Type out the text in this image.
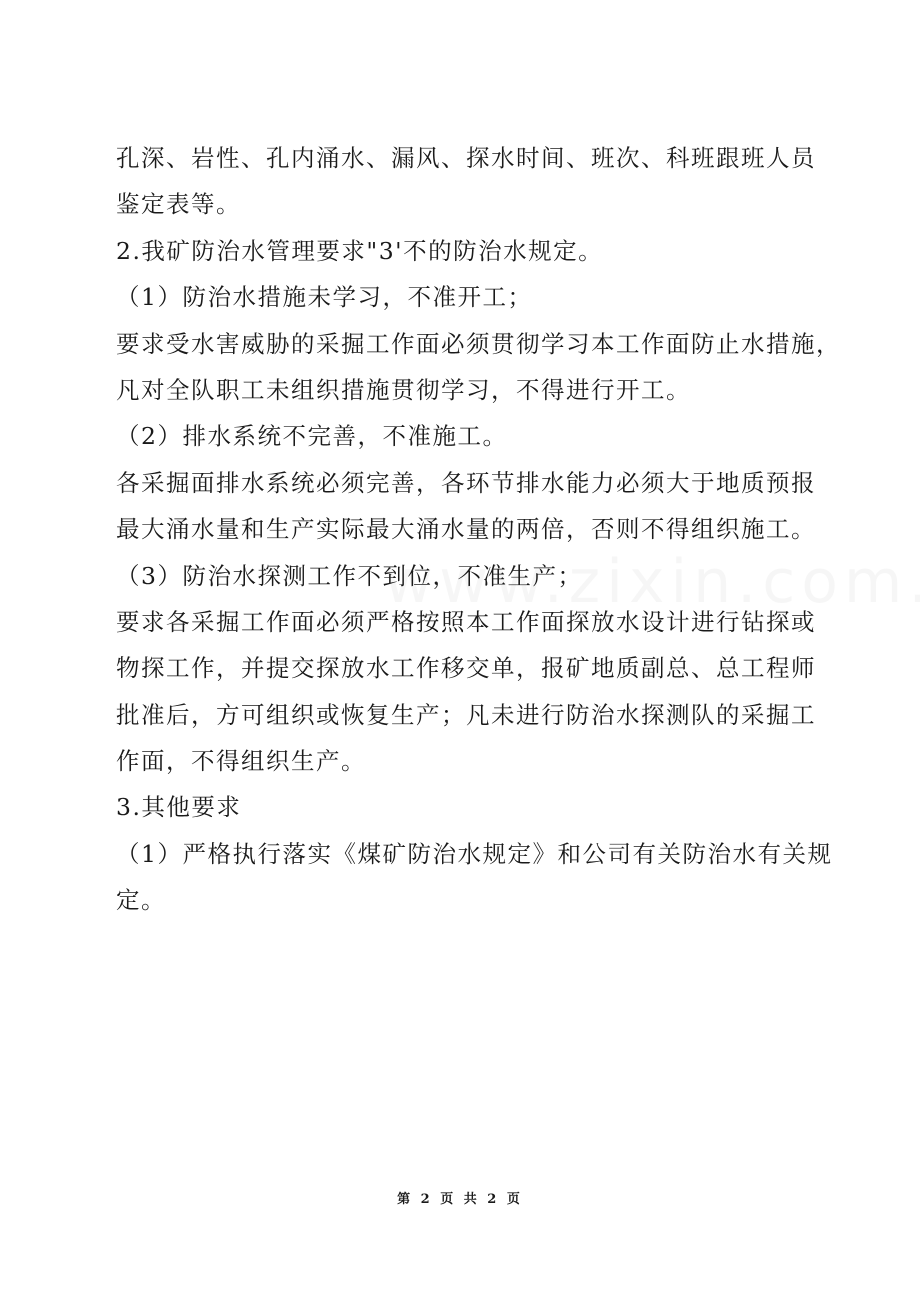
孔深、岩性、孔内涌水、漏风、探水时间、班次、科班跟班人员
鉴定表等。
2.我矿防治水管理要求"3'不的防治水规定。
（1）防治水措施未学习，不准开工；
要求受水害威胁的采掘工作面必须贯彻学习本工作面防止水措施，
凡对全队职工未组织措施贯彻学习，不得进行开工。
（2）排水系统不完善，不准施工。
各采掘面排水系统必须完善，各环节排水能力必须大于地质预报
最大涌水量和生产实际最大涌水量的两倍，否则不得组织施工。
（3）防治水探测工作不到位，不准生产；
要求各采掘工作面必须严格按照本工作面探放水设计进行钻探或
物探工作，并提交探放水工作移交单，报矿地质副总、总工程师
批准后，方可组织或恢复生产；凡未进行防治水探测队的采掘工
作面，不得组织生产。
3.其他要求
（1）严格执行落实《煤矿防治水规定》和公司有关防治水有关规
定。
第 2 页 共 2 页
